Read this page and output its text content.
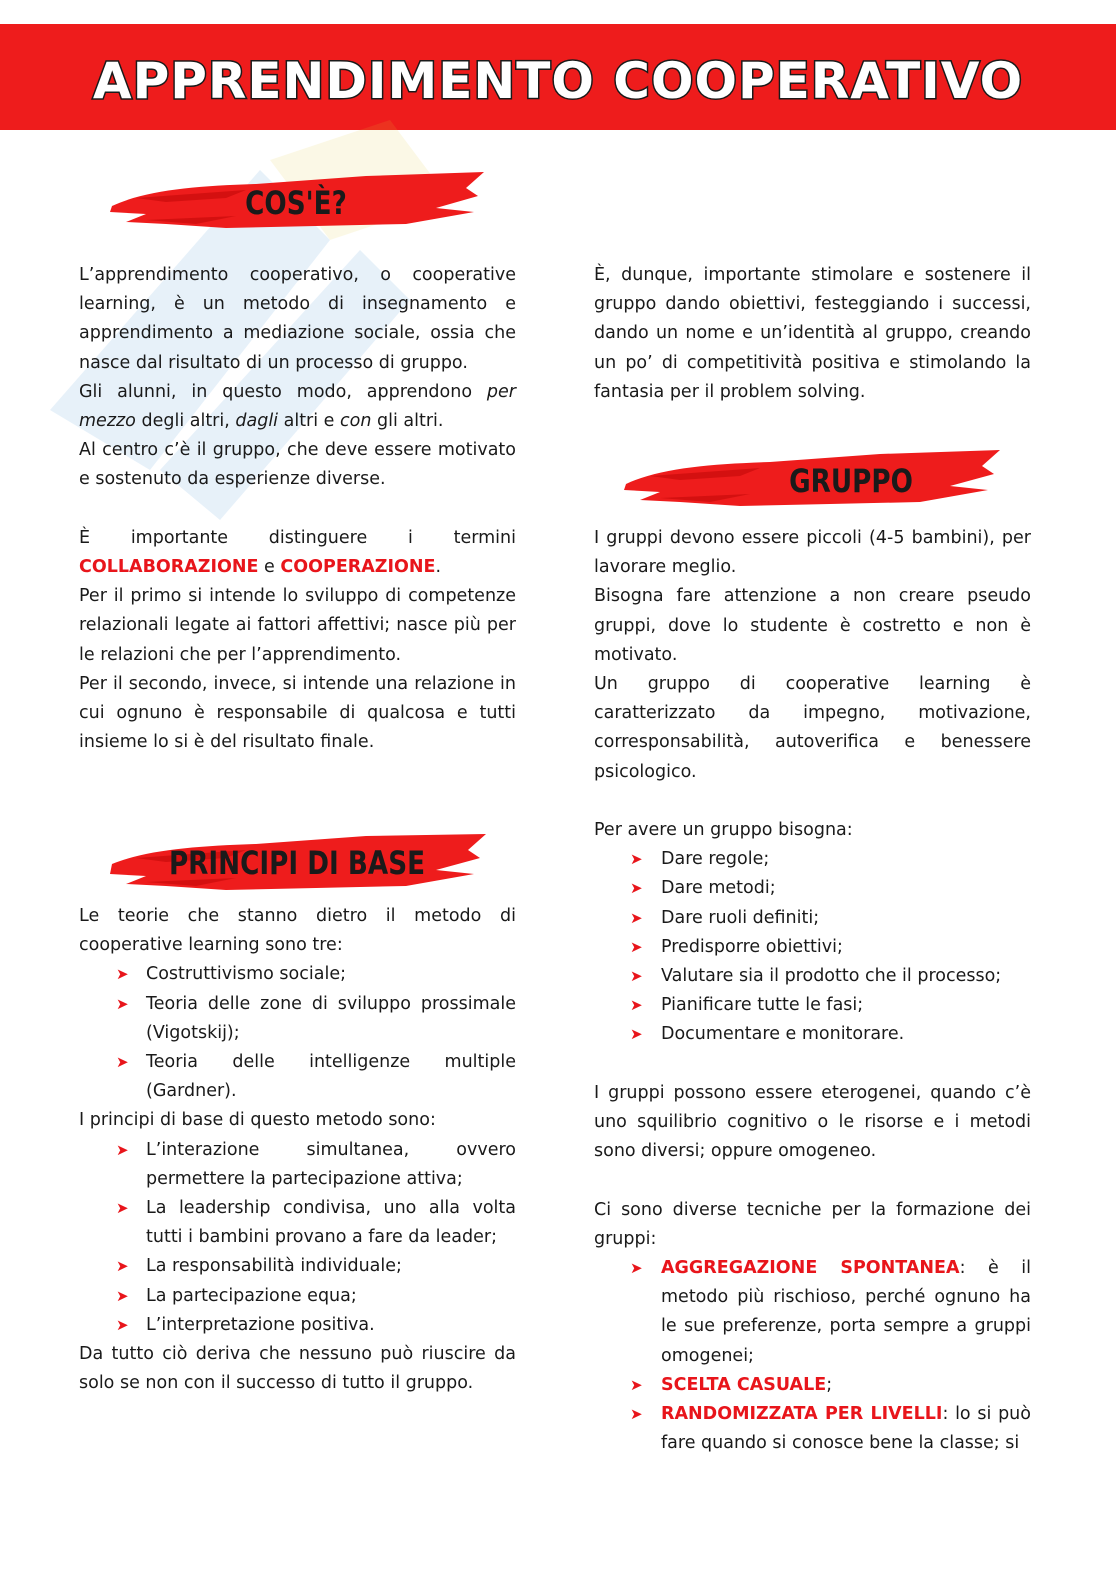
APPRENDIMENTO COOPERATIVO
COS'È?
PRINCIPI DI BASE
GRUPPO

L’apprendimento cooperativo, o cooperative learning, è un metodo di insegnamento e apprendimento a mediazione sociale, ossia che nasce dal risultato di un processo di gruppo.

Gli alunni, in questo modo, apprendono per mezzo degli altri, dagli altri e con gli altri.

Al centro c’è il gruppo, che deve essere motivato e sostenuto da esperienze diverse.

È importante distinguere i termini COLLABORAZIONE e COOPERAZIONE.

Per il primo si intende lo sviluppo di competenze relazionali legate ai fattori affettivi; nasce più per le relazioni che per l’apprendimento.

Per il secondo, invece, si intende una relazione in cui ognuno è responsabile di qualcosa e tutti insieme lo si è del risultato finale.

Le teorie che stanno dietro il metodo di cooperative learning sono tre:

➤ Costruttivismo sociale;
➤ Teoria delle zone di sviluppo prossimale (Vigotskij);
➤ Teoria delle intelligenze multiple (Gardner).

I principi di base di questo metodo sono:

➤ L’interazione simultanea, ovvero permettere la partecipazione attiva;
➤ La leadership condivisa, uno alla volta tutti i bambini provano a fare da leader;
➤ La responsabilità individuale;
➤ La partecipazione equa;
➤ L’interpretazione positiva.

Da tutto ciò deriva che nessuno può riuscire da solo se non con il successo di tutto il gruppo.

È, dunque, importante stimolare e sostenere il gruppo dando obiettivi, festeggiando i successi, dando un nome e un’identità al gruppo, creando un po’ di competitività positiva e stimolando la fantasia per il problem solving.

I gruppi devono essere piccoli (4-5 bambini), per lavorare meglio.

Bisogna fare attenzione a non creare pseudo gruppi, dove lo studente è costretto e non è motivato.

Un gruppo di cooperative learning è caratterizzato da impegno, motivazione, corresponsabilità, autoverifica e benessere psicologico.

Per avere un gruppo bisogna:

➤ Dare regole;
➤ Dare metodi;
➤ Dare ruoli definiti;
➤ Predisporre obiettivi;
➤ Valutare sia il prodotto che il processo;
➤ Pianificare tutte le fasi;
➤ Documentare e monitorare.

I gruppi possono essere eterogenei, quando c’è uno squilibrio cognitivo o le risorse e i metodi sono diversi; oppure omogeneo.

Ci sono diverse tecniche per la formazione dei gruppi:

➤ AGGREGAZIONE SPONTANEA: è il metodo più rischioso, perché ognuno ha le sue preferenze, porta sempre a gruppi omogenei;
➤ SCELTA CASUALE;
➤ RANDOMIZZATA PER LIVELLI: lo si può fare quando si conosce bene la classe; si
